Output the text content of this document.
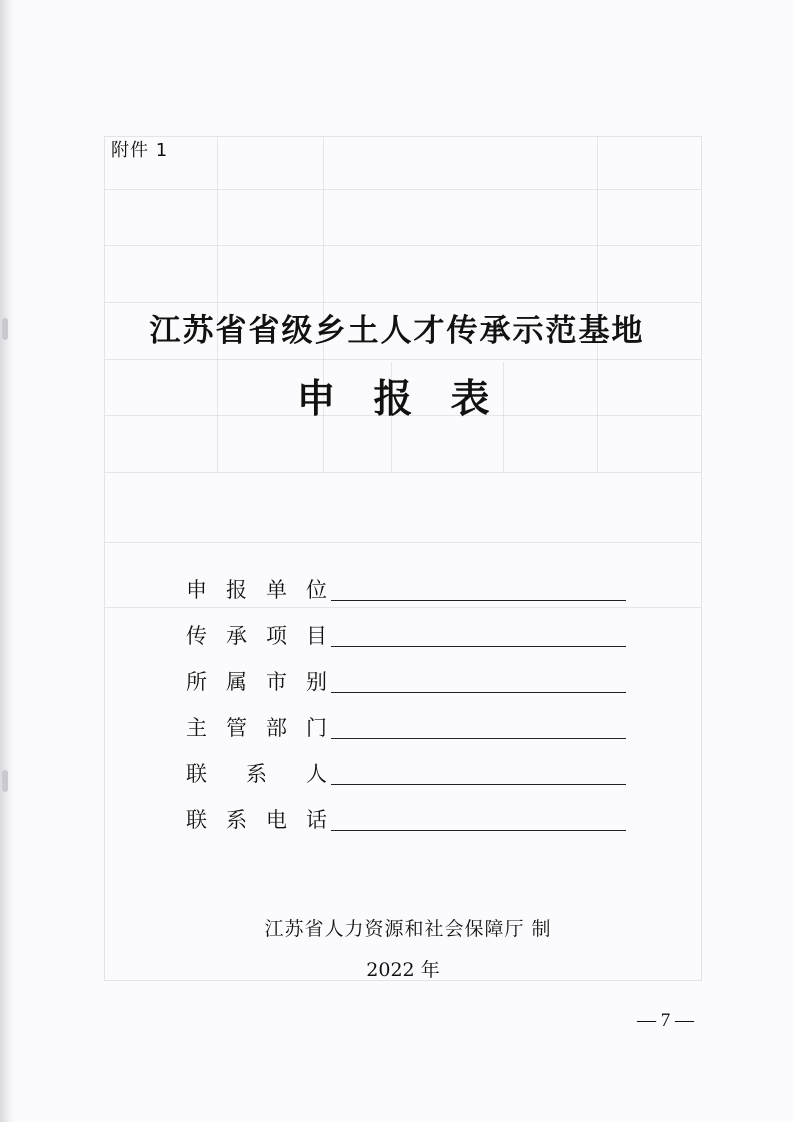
附件 1
江苏省省级乡土人才传承示范基地
申报表
申报单位
传承项目
所属市别
主管部门
联系人
联系电话
江苏省人力资源和社会保障厅 制
2022 年
— 7 —
